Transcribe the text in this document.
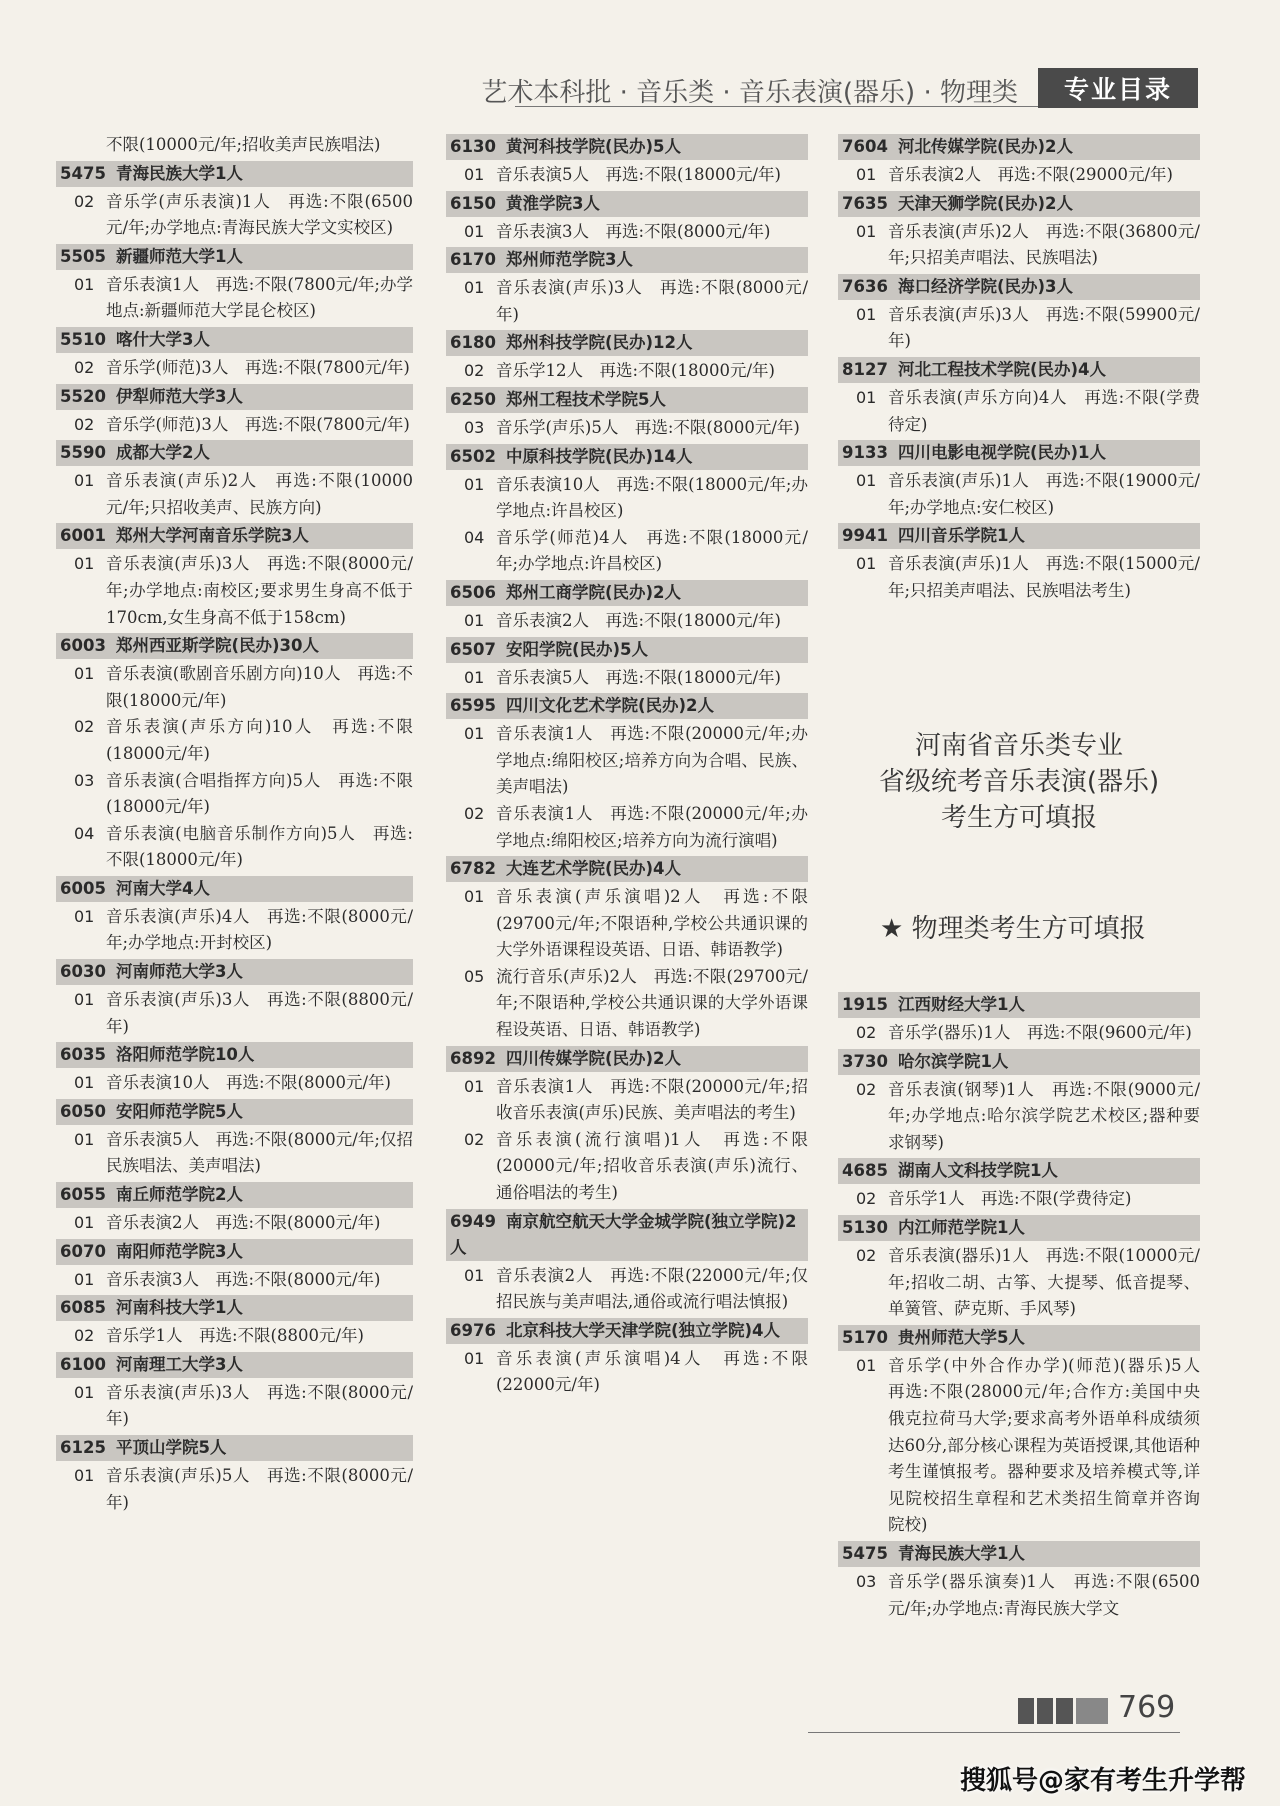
艺术本科批 · 音乐类 · 音乐表演(器乐) · 物理类	专业目录
不限(10000元/年;招收美声民族唱法)
5475 青海民族大学1人
02 音乐学(声乐表演)1人　再选:不限(6500元/年;办学地点:青海民族大学文实校区)
5505 新疆师范大学1人
01 音乐表演1人　再选:不限(7800元/年;办学地点:新疆师范大学昆仑校区)
5510 喀什大学3人
02 音乐学(师范)3人　再选:不限(7800元/年)
5520 伊犁师范大学3人
02 音乐学(师范)3人　再选:不限(7800元/年)
5590 成都大学2人
01 音乐表演(声乐)2人　再选:不限(10000元/年;只招收美声、民族方向)
6001 郑州大学河南音乐学院3人
01 音乐表演(声乐)3人　再选:不限(8000元/年;办学地点:南校区;要求男生身高不低于170cm,女生身高不低于158cm)
6003 郑州西亚斯学院(民办)30人
01 音乐表演(歌剧音乐剧方向)10人　再选:不限(18000元/年)
02 音乐表演(声乐方向)10人　再选:不限(18000元/年)
03 音乐表演(合唱指挥方向)5人　再选:不限(18000元/年)
04 音乐表演(电脑音乐制作方向)5人　再选:不限(18000元/年)
6005 河南大学4人
01 音乐表演(声乐)4人　再选:不限(8000元/年;办学地点:开封校区)
6030 河南师范大学3人
01 音乐表演(声乐)3人　再选:不限(8800元/年)
6035 洛阳师范学院10人
01 音乐表演10人　再选:不限(8000元/年)
6050 安阳师范学院5人
01 音乐表演5人　再选:不限(8000元/年;仅招民族唱法、美声唱法)
6055 南丘师范学院2人
01 音乐表演2人　再选:不限(8000元/年)
6070 南阳师范学院3人
01 音乐表演3人　再选:不限(8000元/年)
6085 河南科技大学1人
02 音乐学1人　再选:不限(8800元/年)
6100 河南理工大学3人
01 音乐表演(声乐)3人　再选:不限(8000元/年)
6125 平顶山学院5人
01 音乐表演(声乐)5人　再选:不限(8000元/年)
6130 黄河科技学院(民办)5人
01 音乐表演5人　再选:不限(18000元/年)
6150 黄淮学院3人
01 音乐表演3人　再选:不限(8000元/年)
6170 郑州师范学院3人
01 音乐表演(声乐)3人　再选:不限(8000元/年)
6180 郑州科技学院(民办)12人
02 音乐学12人　再选:不限(18000元/年)
6250 郑州工程技术学院5人
03 音乐学(声乐)5人　再选:不限(8000元/年)
6502 中原科技学院(民办)14人
01 音乐表演10人　再选:不限(18000元/年;办学地点:许昌校区)
04 音乐学(师范)4人　再选:不限(18000元/年;办学地点:许昌校区)
6506 郑州工商学院(民办)2人
01 音乐表演2人　再选:不限(18000元/年)
6507 安阳学院(民办)5人
01 音乐表演5人　再选:不限(18000元/年)
6595 四川文化艺术学院(民办)2人
01 音乐表演1人　再选:不限(20000元/年;办学地点:绵阳校区;培养方向为合唱、民族、美声唱法)
02 音乐表演1人　再选:不限(20000元/年;办学地点:绵阳校区;培养方向为流行演唱)
6782 大连艺术学院(民办)4人
01 音乐表演(声乐演唱)2人　再选:不限(29700元/年;不限语种,学校公共通识课的大学外语课程设英语、日语、韩语教学)
05 流行音乐(声乐)2人　再选:不限(29700元/年;不限语种,学校公共通识课的大学外语课程设英语、日语、韩语教学)
6892 四川传媒学院(民办)2人
01 音乐表演1人　再选:不限(20000元/年;招收音乐表演(声乐)民族、美声唱法的考生)
02 音乐表演(流行演唱)1人　再选:不限(20000元/年;招收音乐表演(声乐)流行、通俗唱法的考生)
6949 南京航空航天大学金城学院(独立学院)2人
01 音乐表演2人　再选:不限(22000元/年;仅招民族与美声唱法,通俗或流行唱法慎报)
6976 北京科技大学天津学院(独立学院)4人
01 音乐表演(声乐演唱)4人　再选:不限(22000元/年)
7604 河北传媒学院(民办)2人
01 音乐表演2人　再选:不限(29000元/年)
7635 天津天狮学院(民办)2人
01 音乐表演(声乐)2人　再选:不限(36800元/年;只招美声唱法、民族唱法)
7636 海口经济学院(民办)3人
01 音乐表演(声乐)3人　再选:不限(59900元/年)
8127 河北工程技术学院(民办)4人
01 音乐表演(声乐方向)4人　再选:不限(学费待定)
9133 四川电影电视学院(民办)1人
01 音乐表演(声乐)1人　再选:不限(19000元/年;办学地点:安仁校区)
9941 四川音乐学院1人
01 音乐表演(声乐)1人　再选:不限(15000元/年;只招美声唱法、民族唱法考生)
河南省音乐类专业
省级统考音乐表演(器乐)
考生方可填报
★ 物理类考生方可填报
1915 江西财经大学1人
02 音乐学(器乐)1人　再选:不限(9600元/年)
3730 哈尔滨学院1人
02 音乐表演(钢琴)1人　再选:不限(9000元/年;办学地点:哈尔滨学院艺术校区;器种要求钢琴)
4685 湖南人文科技学院1人
02 音乐学1人　再选:不限(学费待定)
5130 内江师范学院1人
02 音乐表演(器乐)1人　再选:不限(10000元/年;招收二胡、古筝、大提琴、低音提琴、单簧管、萨克斯、手风琴)
5170 贵州师范大学5人
01 音乐学(中外合作办学)(师范)(器乐)5人　再选:不限(28000元/年;合作方:美国中央俄克拉荷马大学;要求高考外语单科成绩须达60分,部分核心课程为英语授课,其他语种考生谨慎报考。器种要求及培养模式等,详见院校招生章程和艺术类招生简章并咨询院校)
5475 青海民族大学1人
03 音乐学(器乐演奏)1人　再选:不限(6500元/年;办学地点:青海民族大学文
769
搜狐号@家有考生升学帮
